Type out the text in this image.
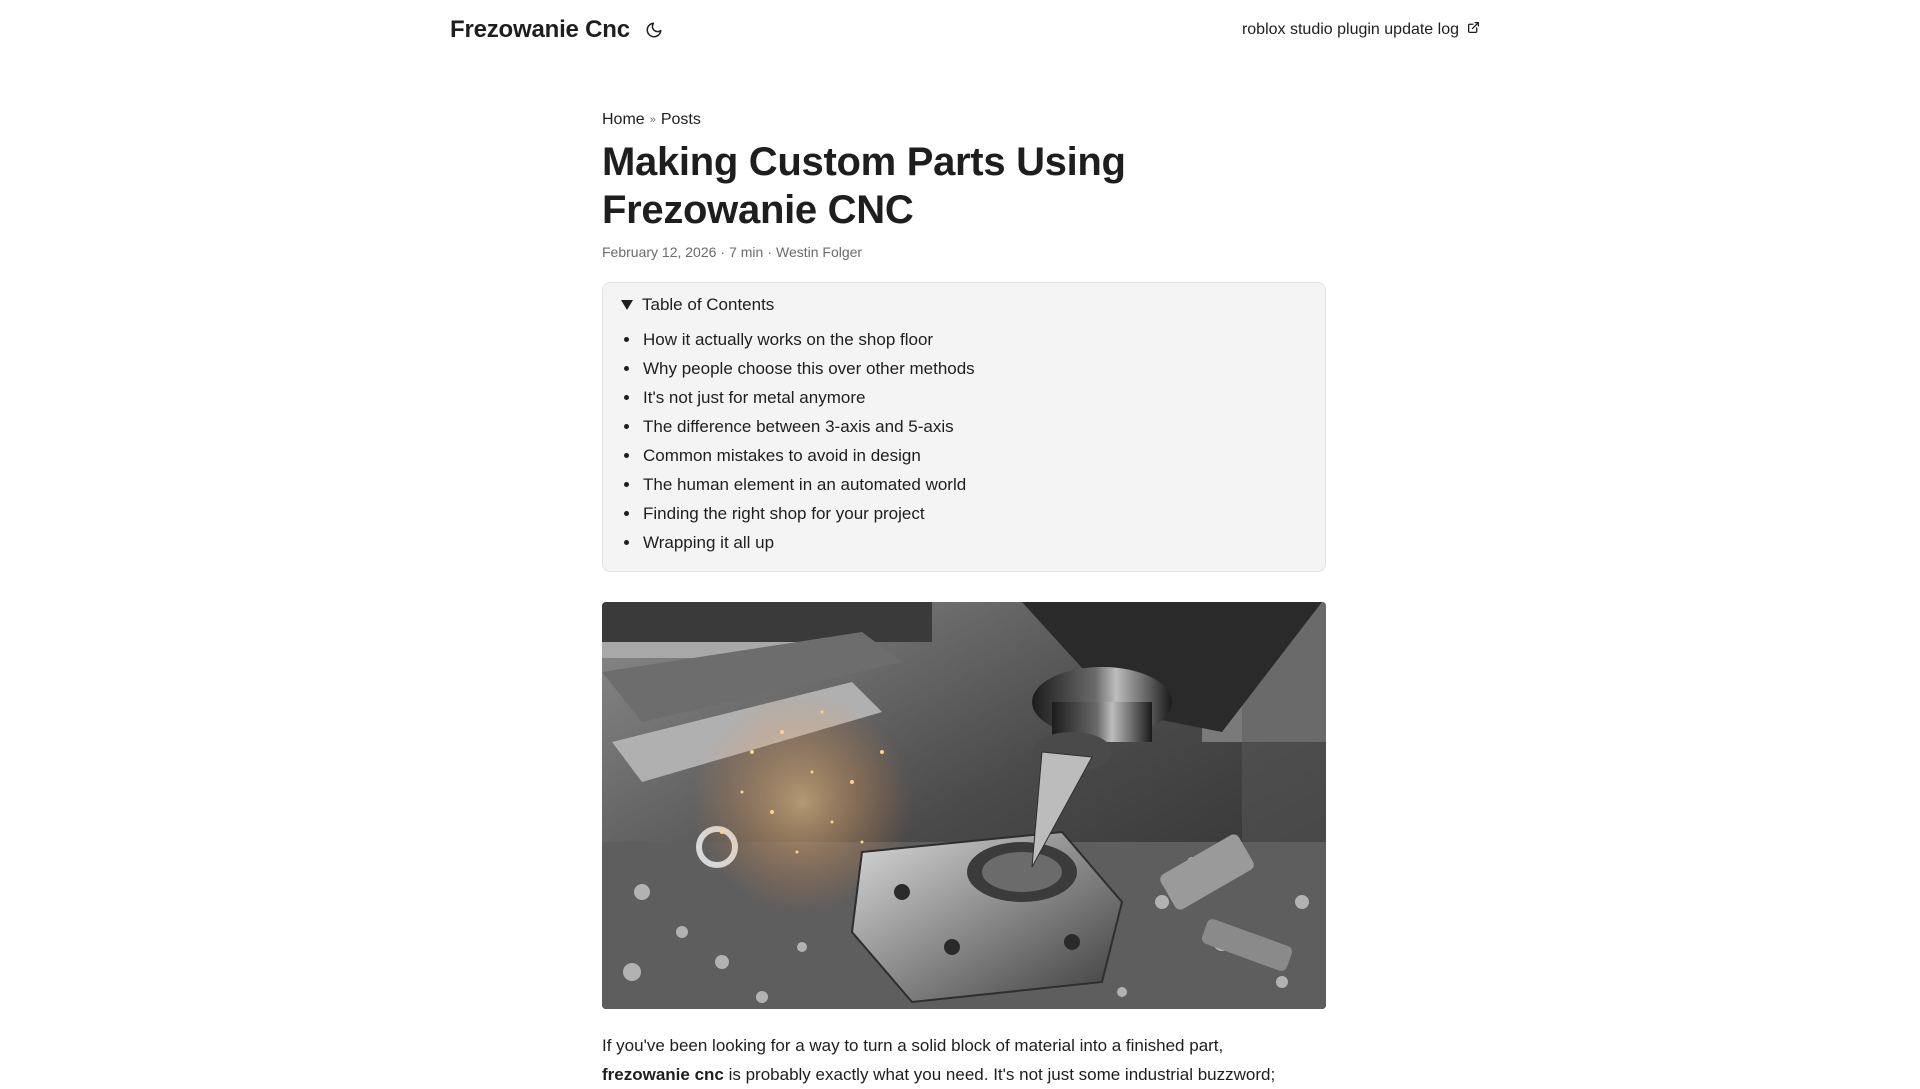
Frezowanie Cnc	roblox studio plugin update log
Home » Posts
Making Custom Parts Using Frezowanie CNC
February 12, 2026 · 7 min · Westin Folger
Table of Contents
• How it actually works on the shop floor
• Why people choose this over other methods
• It's not just for metal anymore
• The difference between 3-axis and 5-axis
• Common mistakes to avoid in design
• The human element in an automated world
• Finding the right shop for your project
• Wrapping it all up

If you've been looking for a way to turn a solid block of material into a finished part,
frezowanie cnc is probably exactly what you need. It's not just some industrial buzzword;
